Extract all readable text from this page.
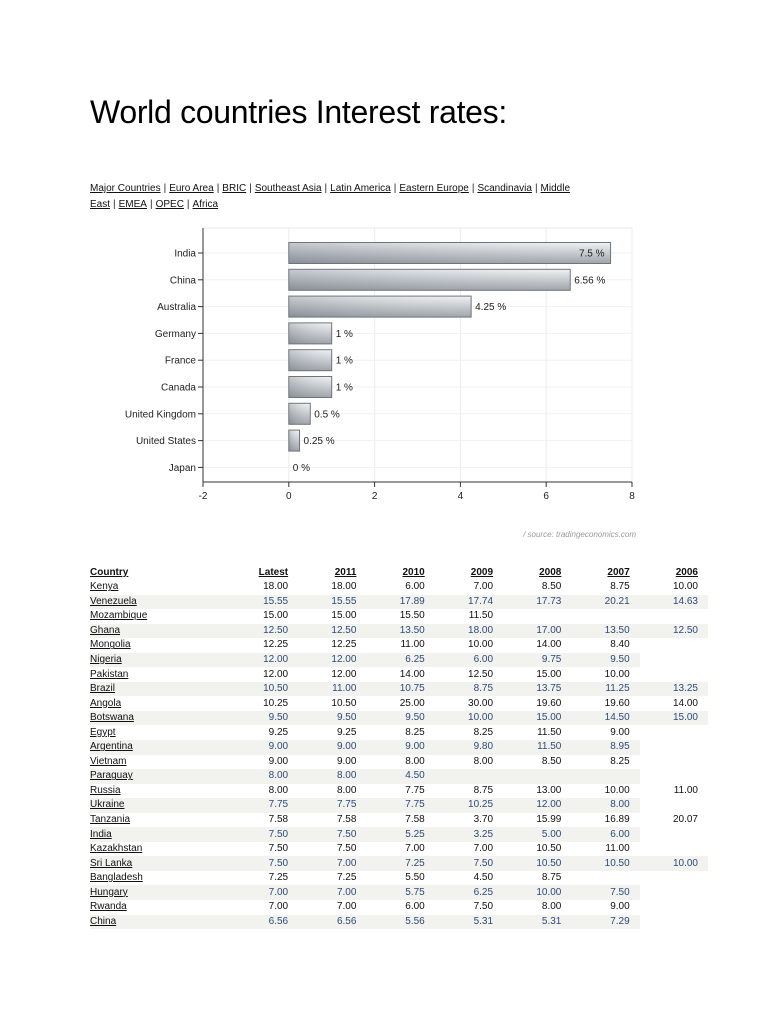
World countries Interest rates:
Major Countries | Euro Area | BRIC | Southeast Asia | Latin America | Eastern Europe | Scandinavia | Middle East | EMEA | OPEC | Africa
-2	0	2	4	6	8
India	7.5 %
China	6.56 %
Australia	4.25 %
Germany	1 %
France	1 %
Canada	1 %
United Kingdom	0.5 %
United States	0.25 %
Japan	0 %
/ source: tradingeconomics.com
Country	Latest	2011	2010	2009	2008	2007	2006
Kenya	18.00	18.00	6.00	7.00	8.50	8.75	10.00
Venezuela	15.55	15.55	17.89	17.74	17.73	20.21	14.63
Mozambique	15.00	15.00	15.50	11.50			
Ghana	12.50	12.50	13.50	18.00	17.00	13.50	12.50
Mongolia	12.25	12.25	11.00	10.00	14.00	8.40	
Nigeria	12.00	12.00	6.25	6.00	9.75	9.50	
Pakistan	12.00	12.00	14.00	12.50	15.00	10.00	
Brazil	10.50	11.00	10.75	8.75	13.75	11.25	13.25
Angola	10.25	10.50	25.00	30.00	19.60	19.60	14.00
Botswana	9.50	9.50	9.50	10.00	15.00	14.50	15.00
Egypt	9.25	9.25	8.25	8.25	11.50	9.00	
Argentina	9.00	9.00	9.00	9.80	11.50	8.95	
Vietnam	9.00	9.00	8.00	8.00	8.50	8.25	
Paraguay	8.00	8.00	4.50				
Russia	8.00	8.00	7.75	8.75	13.00	10.00	11.00
Ukraine	7.75	7.75	7.75	10.25	12.00	8.00	
Tanzania	7.58	7.58	7.58	3.70	15.99	16.89	20.07
India	7.50	7.50	5.25	3.25	5.00	6.00	
Kazakhstan	7.50	7.50	7.00	7.00	10.50	11.00	
Sri Lanka	7.50	7.00	7.25	7.50	10.50	10.50	10.00
Bangladesh	7.25	7.25	5.50	4.50	8.75		
Hungary	7.00	7.00	5.75	6.25	10.00	7.50	
Rwanda	7.00	7.00	6.00	7.50	8.00	9.00	
China	6.56	6.56	5.56	5.31	5.31	7.29	
